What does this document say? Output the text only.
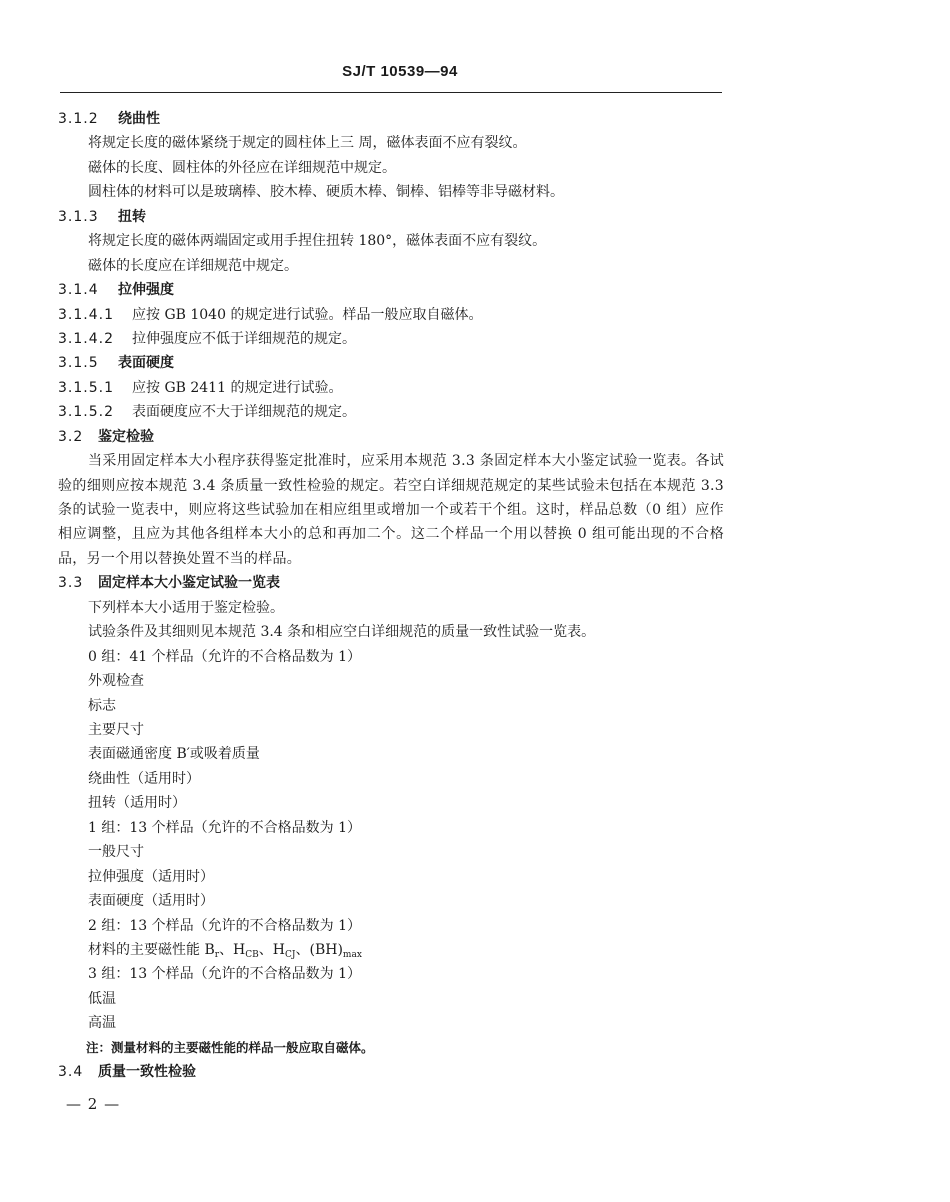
SJ/T 10539—94
3.1.2 绕曲性
将规定长度的磁体紧绕于规定的圆柱体上三 周，磁体表面不应有裂纹。
磁体的长度、圆柱体的外径应在详细规范中规定。
圆柱体的材料可以是玻璃棒、胶木棒、硬质木棒、铜棒、铝棒等非导磁材料。
3.1.3 扭转
将规定长度的磁体两端固定或用手捏住扭转 180°，磁体表面不应有裂纹。
磁体的长度应在详细规范中规定。
3.1.4 拉伸强度
3.1.4.1 应按 GB 1040 的规定进行试验。样品一般应取自磁体。
3.1.4.2 拉伸强度应不低于详细规范的规定。
3.1.5 表面硬度
3.1.5.1 应按 GB 2411 的规定进行试验。
3.1.5.2 表面硬度应不大于详细规范的规定。
3.2 鉴定检验
当采用固定样本大小程序获得鉴定批准时，应采用本规范 3.3 条固定样本大小鉴定试验一览表。各试验的细则应按本规范 3.4 条质量一致性检验的规定。若空白详细规范规定的某些试验未包括在本规范 3.3 条的试验一览表中，则应将这些试验加在相应组里或增加一个或若干个组。这时，样品总数（0 组）应作相应调整，且应为其他各组样本大小的总和再加二个。这二个样品一个用以替换 0 组可能出现的不合格品，另一个用以替换处置不当的样品。
3.3 固定样本大小鉴定试验一览表
下列样本大小适用于鉴定检验。
试验条件及其细则见本规范 3.4 条和相应空白详细规范的质量一致性试验一览表。
0 组：41 个样品（允许的不合格品数为 1）
外观检查
标志
主要尺寸
表面磁通密度 B′或吸着质量
绕曲性（适用时）
扭转（适用时）
1 组：13 个样品（允许的不合格品数为 1）
一般尺寸
拉伸强度（适用时）
表面硬度（适用时）
2 组：13 个样品（允许的不合格品数为 1）
材料的主要磁性能 $B_r$、$H_{CB}$、$H_{CJ}$、$(BH)_{max}$
3 组：13 个样品（允许的不合格品数为 1）
低温
高温
注：测量材料的主要磁性能的样品一般应取自磁体。
3.4 质量一致性检验
— 2 —
